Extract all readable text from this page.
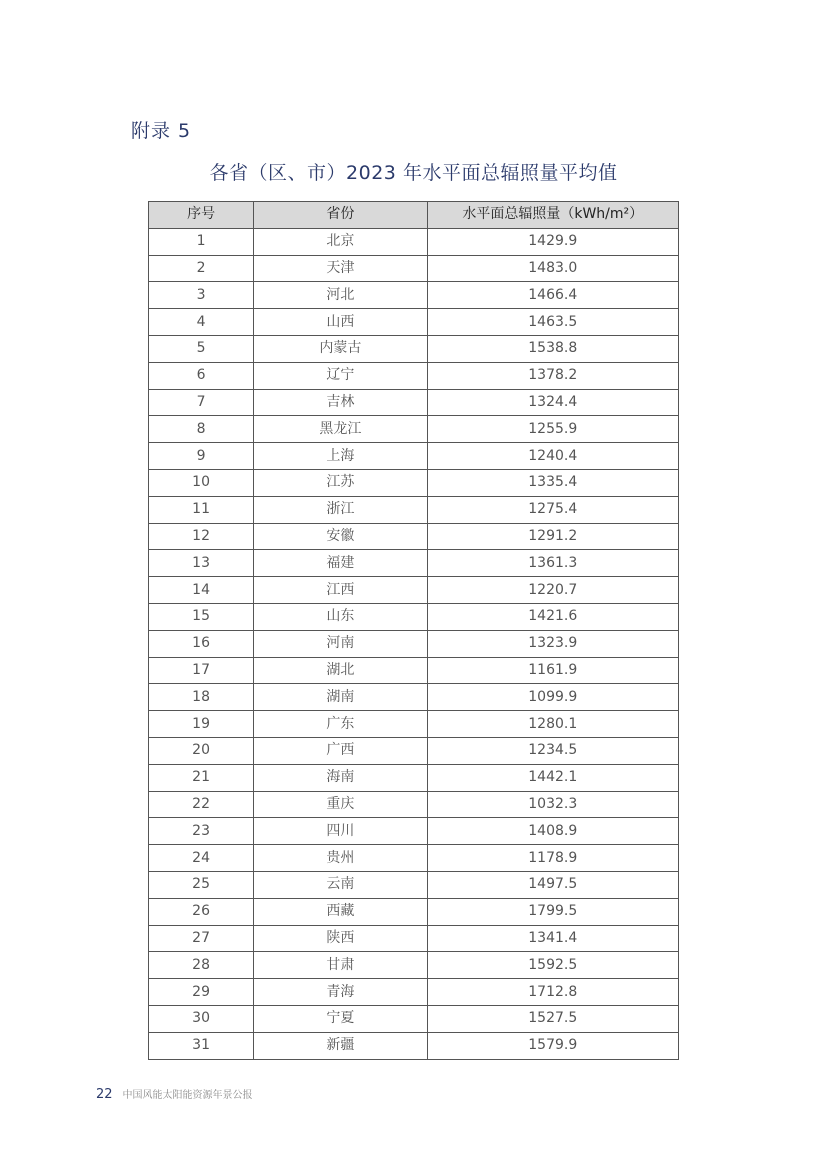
附录 5
各省（区、市）2023 年水平面总辐照量平均值
序号	省份	水平面总辐照量（kWh/m²）
1	北京	1429.9
2	天津	1483.0
3	河北	1466.4
4	山西	1463.5
5	内蒙古	1538.8
6	辽宁	1378.2
7	吉林	1324.4
8	黑龙江	1255.9
9	上海	1240.4
10	江苏	1335.4
11	浙江	1275.4
12	安徽	1291.2
13	福建	1361.3
14	江西	1220.7
15	山东	1421.6
16	河南	1323.9
17	湖北	1161.9
18	湖南	1099.9
19	广东	1280.1
20	广西	1234.5
21	海南	1442.1
22	重庆	1032.3
23	四川	1408.9
24	贵州	1178.9
25	云南	1497.5
26	西藏	1799.5
27	陕西	1341.4
28	甘肃	1592.5
29	青海	1712.8
30	宁夏	1527.5
31	新疆	1579.9
22 中国风能太阳能资源年景公报
